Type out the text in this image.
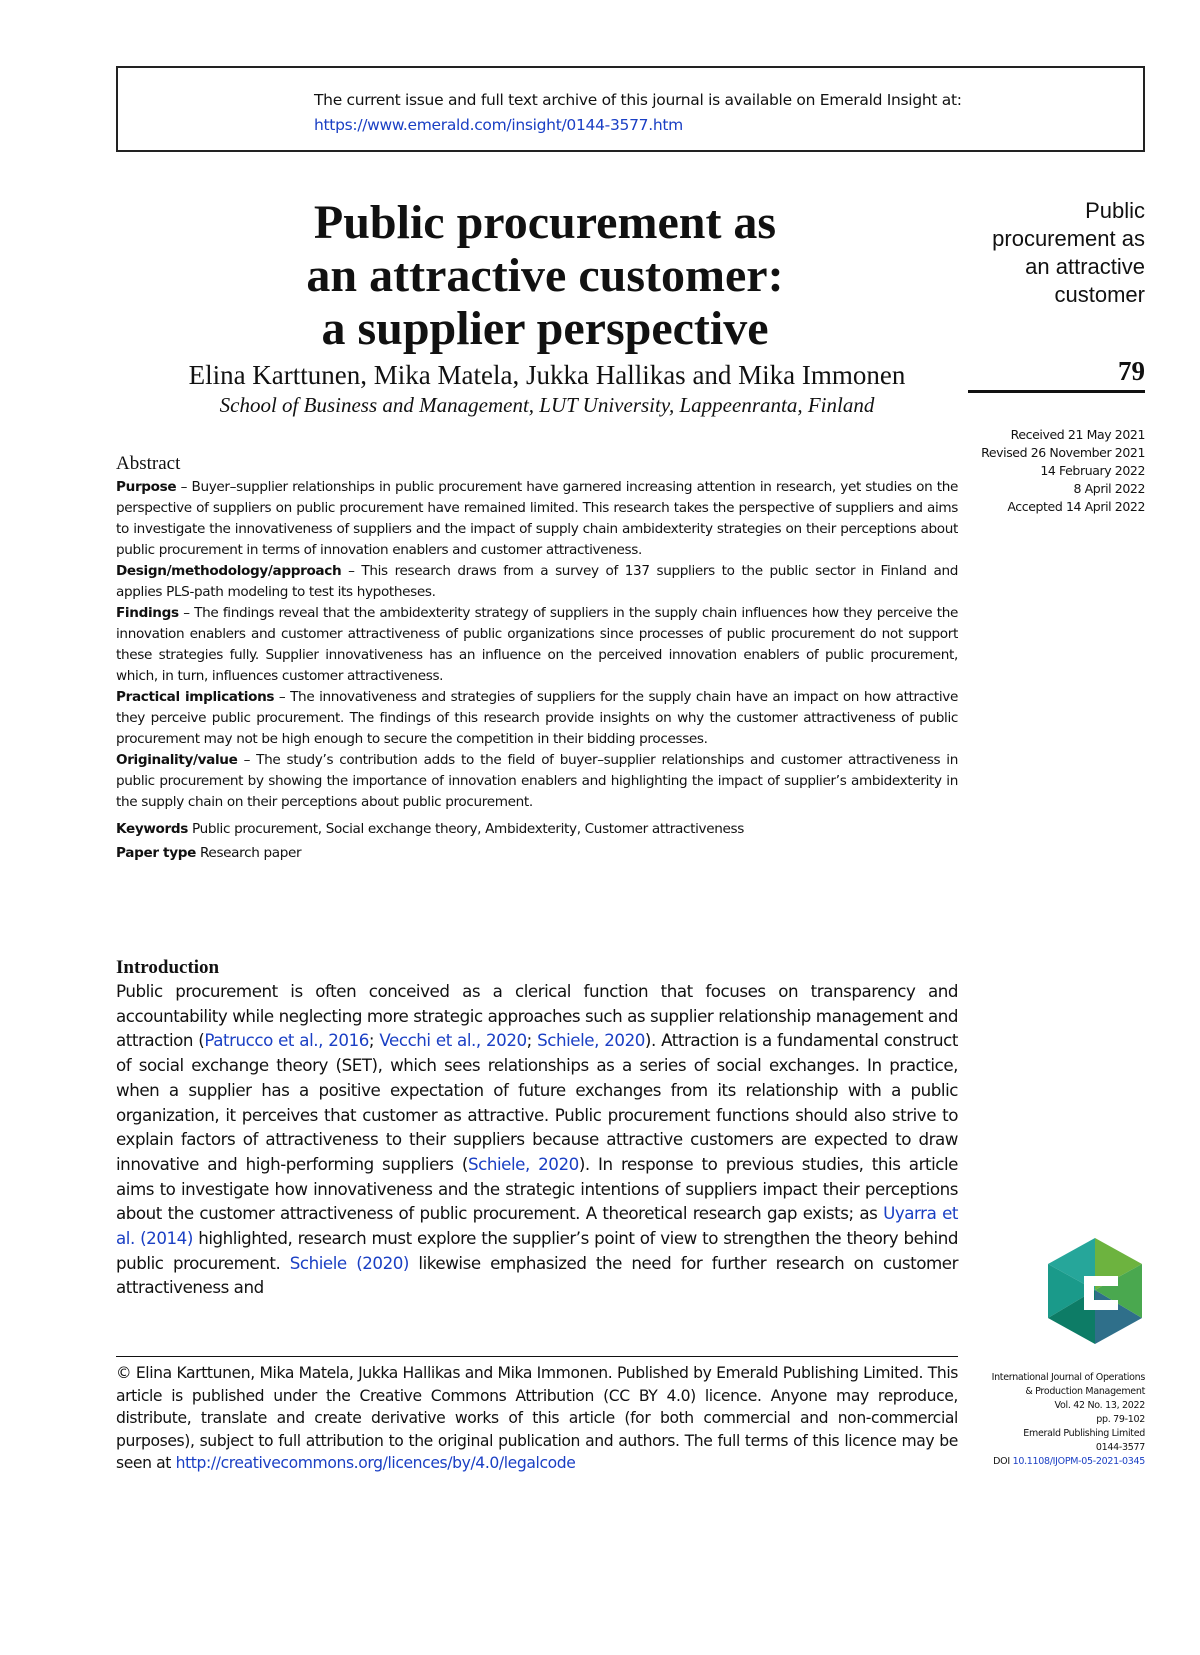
The current issue and full text archive of this journal is available on Emerald Insight at:
https://www.emerald.com/insight/0144-3577.htm
Public procurement as
an attractive customer:
a supplier perspective
Elina Karttunen, Mika Matela, Jukka Hallikas and Mika Immonen
School of Business and Management, LUT University, Lappeenranta, Finland
Public
procurement as
an attractive
customer
79
Received 21 May 2021
Revised 26 November 2021
14 February 2022
8 April 2022
Accepted 14 April 2022
Abstract

Purpose – Buyer–supplier relationships in public procurement have garnered increasing attention in research, yet studies on the perspective of suppliers on public procurement have remained limited. This research takes the perspective of suppliers and aims to investigate the innovativeness of suppliers and the impact of supply chain ambidexterity strategies on their perceptions about public procurement in terms of innovation enablers and customer attractiveness.

Design/methodology/approach – This research draws from a survey of 137 suppliers to the public sector in Finland and applies PLS-path modeling to test its hypotheses.

Findings – The findings reveal that the ambidexterity strategy of suppliers in the supply chain influences how they perceive the innovation enablers and customer attractiveness of public organizations since processes of public procurement do not support these strategies fully. Supplier innovativeness has an influence on the perceived innovation enablers of public procurement, which, in turn, influences customer attractiveness.

Practical implications – The innovativeness and strategies of suppliers for the supply chain have an impact on how attractive they perceive public procurement. The findings of this research provide insights on why the customer attractiveness of public procurement may not be high enough to secure the competition in their bidding processes.

Originality/value – The study’s contribution adds to the field of buyer–supplier relationships and customer attractiveness in public procurement by showing the importance of innovation enablers and highlighting the impact of supplier’s ambidexterity in the supply chain on their perceptions about public procurement.

Keywords Public procurement, Social exchange theory, Ambidexterity, Customer attractiveness

Paper type Research paper

Introduction

Public procurement is often conceived as a clerical function that focuses on transparency and accountability while neglecting more strategic approaches such as supplier relationship management and attraction (Patrucco et al., 2016; Vecchi et al., 2020; Schiele, 2020). Attraction is a fundamental construct of social exchange theory (SET), which sees relationships as a series of social exchanges. In practice, when a supplier has a positive expectation of future exchanges from its relationship with a public organization, it perceives that customer as attractive. Public procurement functions should also strive to explain factors of attractiveness to their suppliers because attractive customers are expected to draw innovative and high-performing suppliers (Schiele, 2020). In response to previous studies, this article aims to investigate how innovativeness and the strategic intentions of suppliers impact their perceptions about the customer attractiveness of public procurement. A theoretical research gap exists; as Uyarra et al. (2014) highlighted, research must explore the supplier’s point of view to strengthen the theory behind public procurement. Schiele (2020) likewise emphasized the need for further research on customer attractiveness and

© Elina Karttunen, Mika Matela, Jukka Hallikas and Mika Immonen. Published by Emerald Publishing Limited. This article is published under the Creative Commons Attribution (CC BY 4.0) licence. Anyone may reproduce, distribute, translate and create derivative works of this article (for both commercial and non-commercial purposes), subject to full attribution to the original publication and authors. The full terms of this licence may be seen at http://creativecommons.org/licences/by/4.0/legalcode

International Journal of Operations
& Production Management
Vol. 42 No. 13, 2022
pp. 79-102
Emerald Publishing Limited
0144-3577
DOI 10.1108/IJOPM-05-2021-0345
